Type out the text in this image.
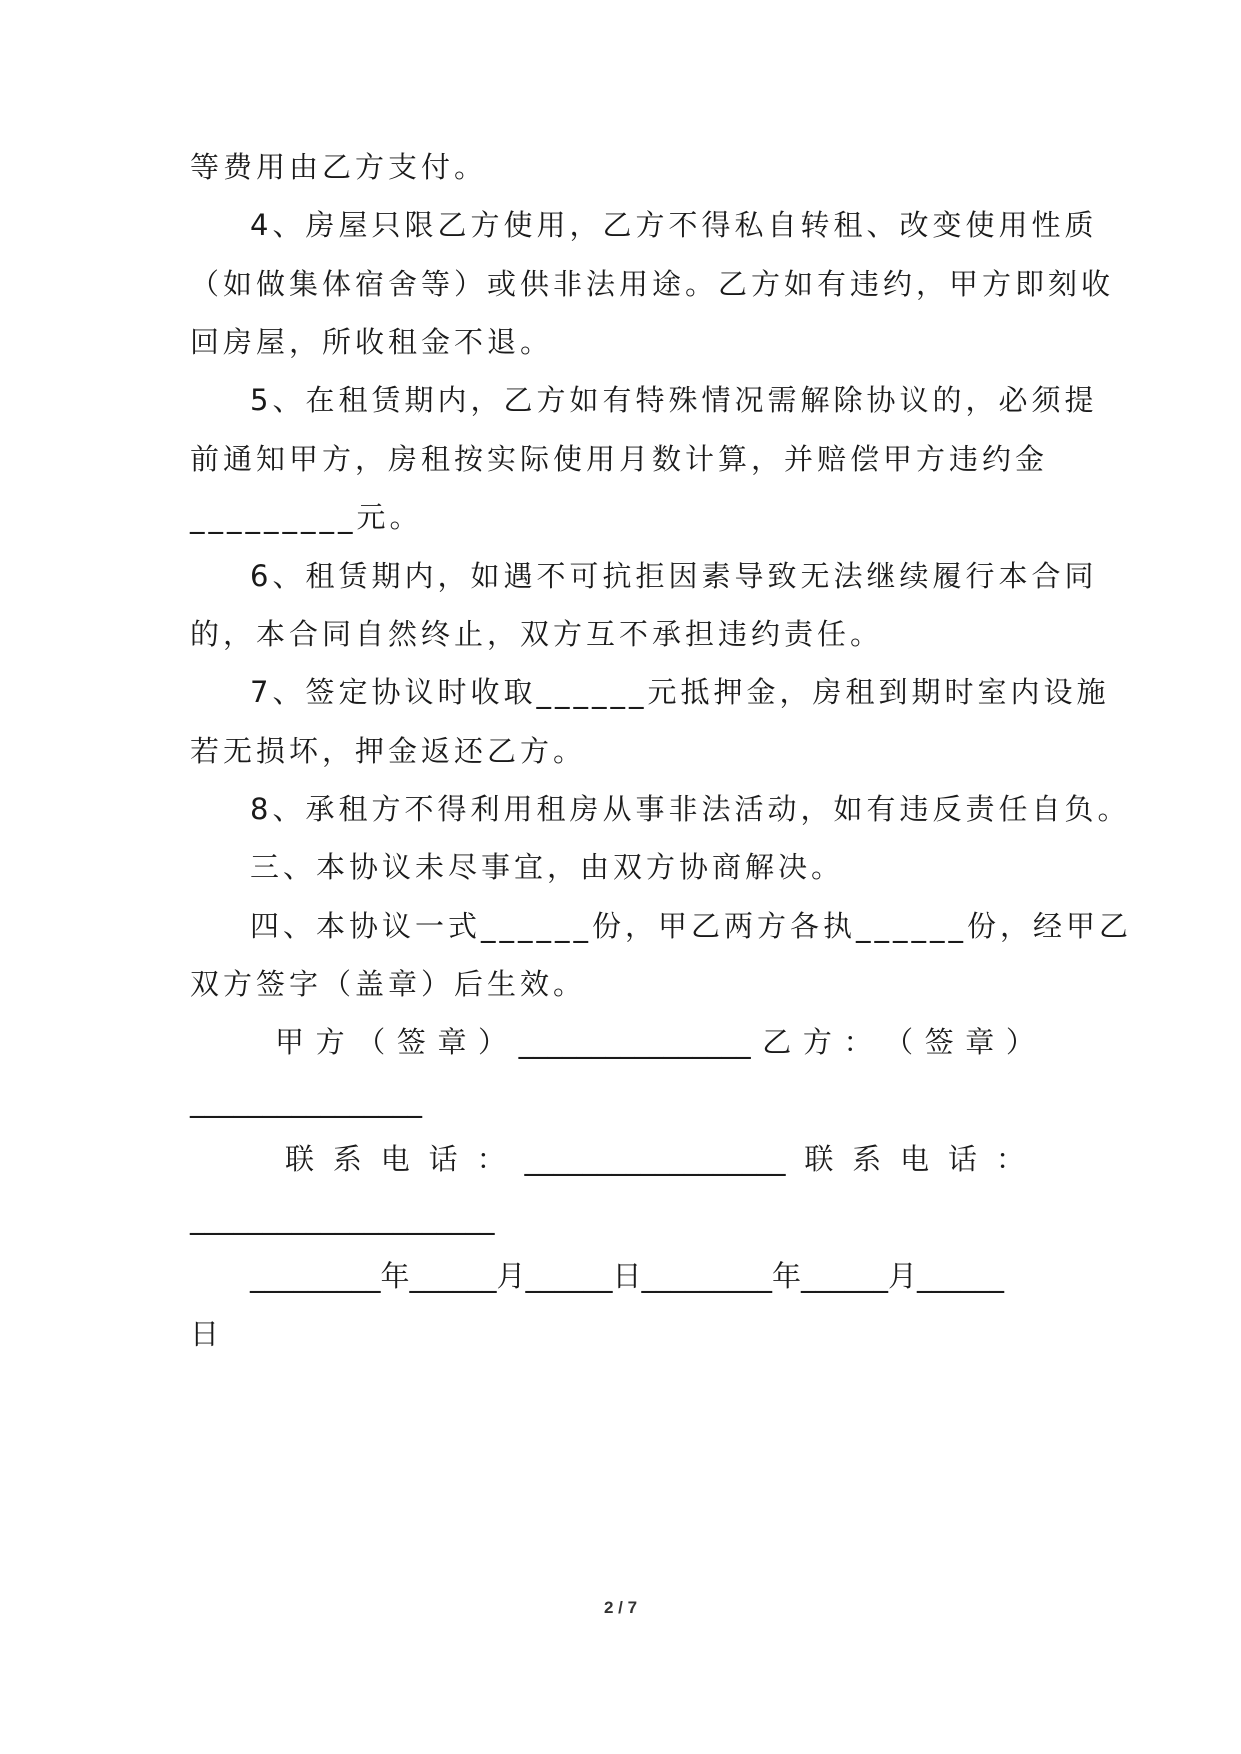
等费用由乙方支付。
4、房屋只限乙方使用，乙方不得私自转租、改变使用性质
（如做集体宿舍等）或供非法用途。乙方如有违约，甲方即刻收
回房屋，所收租金不退。
5、在租赁期内，乙方如有特殊情况需解除协议的，必须提
前通知甲方，房租按实际使用月数计算，并赔偿甲方违约金
_________元。
6、租赁期内，如遇不可抗拒因素导致无法继续履行本合同
的，本合同自然终止，双方互不承担违约责任。
7、签定协议时收取______元抵押金，房租到期时室内设施
若无损坏，押金返还乙方。
8、承租方不得利用租房从事非法活动，如有违反责任自负。
三、本协议未尽事宜，由双方协商解决。
四、本协议一式______份，甲乙两方各执______份，经甲乙
双方签字（盖章）后生效。
甲 方 （ 签 章 ） ________________ 乙 方 ： （ 签 章 ）
________________
联 系 电 话 ： __________________ 联 系 电 话 ：
_____________________
_________年______月______日_________年______月______
日
2 / 7
